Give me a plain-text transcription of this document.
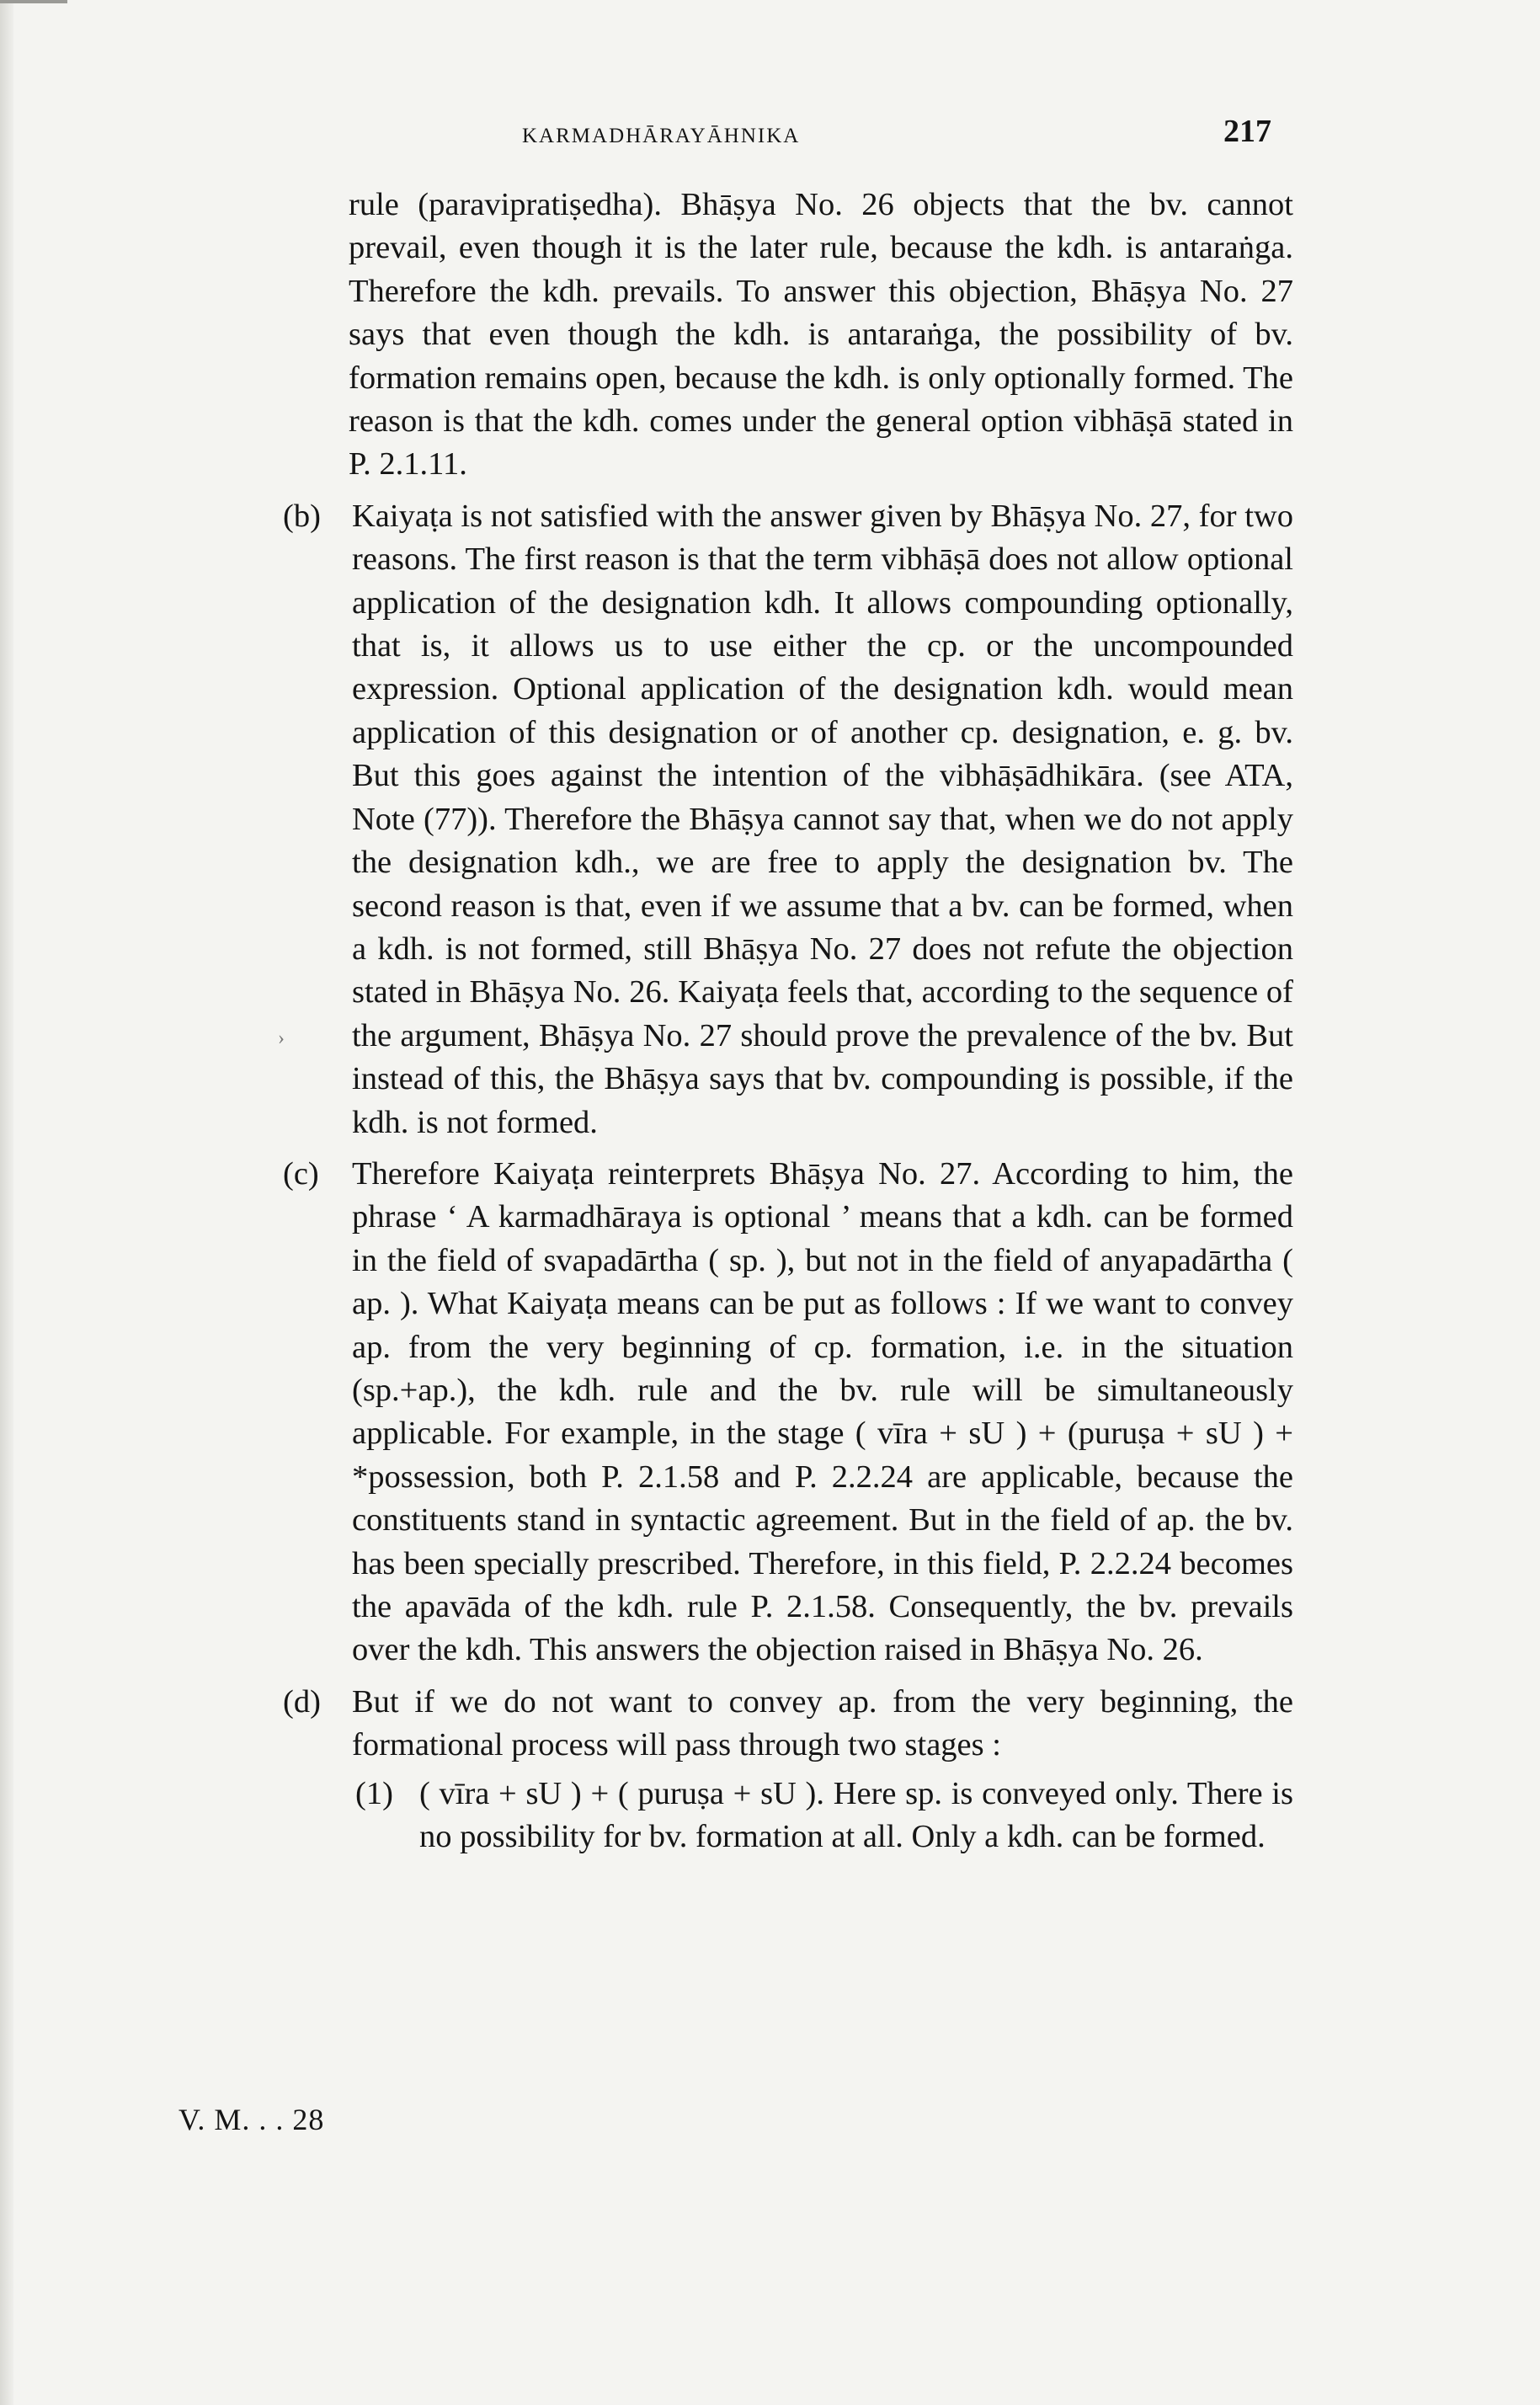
KARMADHĀRAYĀHNIKA	217

rule (paravipratiṣedha). Bhāṣya No. 26 objects that the bv. cannot prevail, even though it is the later rule, because the kdh. is antaraṅga. Therefore the kdh. prevails. To answer this objection, Bhāṣya No. 27 says that even though the kdh. is antaraṅga, the possibility of bv. formation remains open, because the kdh. is only optionally formed. The reason is that the kdh. comes under the general option vibhāṣā stated in P. 2.1.11.

(b) Kaiyaṭa is not satisfied with the answer given by Bhāṣya No. 27, for two reasons. The first reason is that the term vibhāṣā does not allow optional application of the designation kdh. It allows compounding optionally, that is, it allows us to use either the cp. or the uncompounded expression. Optional application of the designation kdh. would mean application of this designation or of another cp. designation, e. g. bv. But this goes against the intention of the vibhāṣādhikāra. (see ATA, Note (77)). Therefore the Bhāṣya cannot say that, when we do not apply the designation kdh., we are free to apply the designation bv. The second reason is that, even if we assume that a bv. can be formed, when a kdh. is not formed, still Bhāṣya No. 27 does not refute the objection stated in Bhāṣya No. 26. Kaiyaṭa feels that, according to the sequence of the argument, Bhāṣya No. 27 should prove the prevalence of the bv. But instead of this, the Bhāṣya says that bv. compounding is possible, if the kdh. is not formed.

(c)	Therefore Kaiyaṭa reinterprets Bhāṣya No. 27. According to him, the phrase ‘ A karmadhāraya is optional ’ means that a kdh. can be formed in the field of svapadārtha ( sp. ), but not in the field of anyapadārtha ( ap. ). What Kaiyaṭa means can be put as follows : If we want to convey ap. from the very beginning of cp. formation, i.e. in the situation (sp.+ap.), the kdh. rule and the bv. rule will be simultaneously applicable. For example, in the stage ( vīra + sU ) + (puruṣa + sU ) + *possession, both P. 2.1.58 and P. 2.2.24 are applicable, because the constituents stand in syntactic agreement. But in the field of ap. the bv. has been specially prescribed. Therefore, in this field, P. 2.2.24 becomes the apavāda of the kdh. rule P. 2.1.58. Consequently, the bv. prevails over the kdh. This answers the objection raised in Bhāṣya No. 26.

(d) But if we do not want to convey ap. from the very beginning, the formational process will pass through two stages :

(1) ( vīra + sU ) + ( puruṣa + sU ). Here sp. is conveyed only. There is no possibility for bv. formation at all. Only a kdh. can be formed.

›
V. M. . . 28
